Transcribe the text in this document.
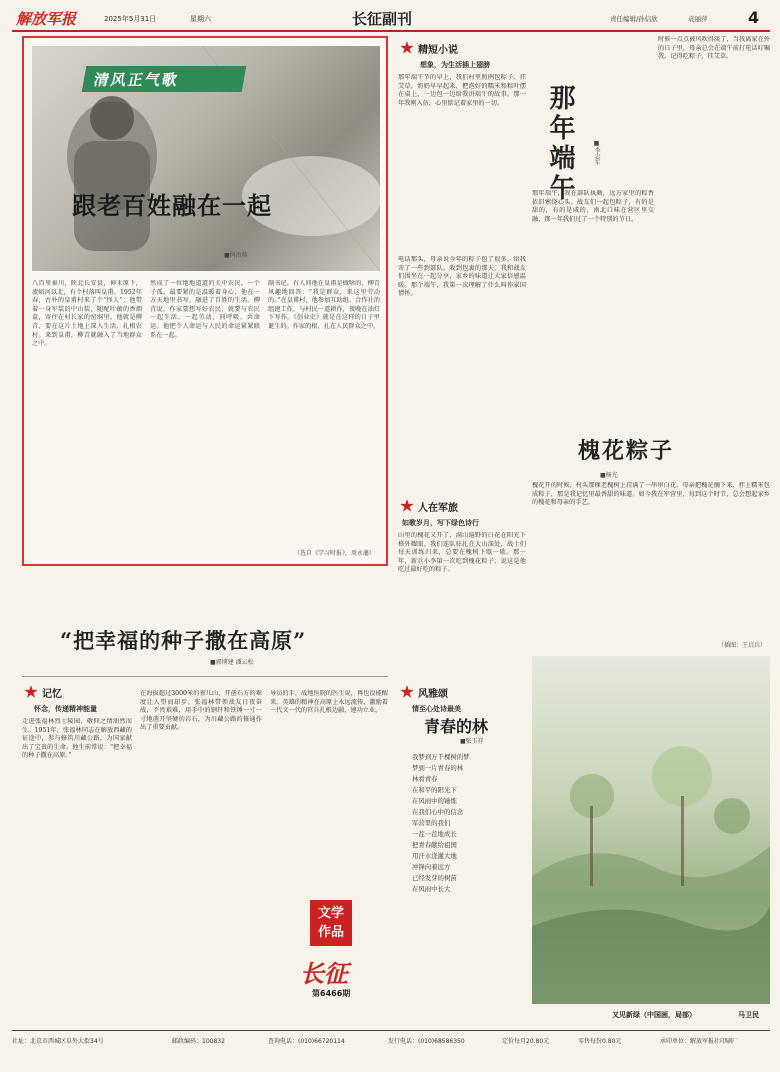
解放军报	2025年5月31日	星期六	长征副刊	责任编辑/孙信欣	袁丽萍	4
清风正气歌
跟老百姓融在一起
■何治帅
八百里秦川，陕北长安县，神禾原下，流峪河以北，有个村落叫皇甫。1952年春，古朴的皇甫村来了个“怪人”：他带着一身军装的中山装，随配叶蕴的香烟盒，寄住在村长家的窑洞里。他就是柳青，要在这片土地上深入生活、扎根农村。来到皇甫，柳青就融入了当地群众之中。
然成了一位地地道道的关中农民。一个子孤，最要紧的是温暖着身心，他在一方天地里书写，融进了百姓的生活。柳青说，作家要想写好农民，就要与农民一起生活、一起劳动，同呼吸、共命运。他把个人命运与人民的命运紧紧联系在一起。
副书记。有人问他在皇甫是做啥的，柳青风趣地回答：“我是群众，来这里劳动的。”在皇甫村，他参加互助组、合作社的组建工作，与村民一道耕作，夜晚在油灯下写作。《创业史》就是在这样的日子里诞生的。作家的根，扎在人民群众之中。
（选自《学习时报》，周永藩）
精短小说
想象，为生活插上翅膀
那年端午节的早上，我们村里照例包粽子、挂艾草。奶奶早早起来，把泡好的糯米和粽叶摆在桌上，一边包一边给我讲端午的故事。那一年我刚入伍，心里惦记着家里的一切。
电话那头，母亲说今年的粽子包了很多，给我寄了一些到部队。收到包裹的那天，我和战友们围坐在一起分享，家乡的味道让大家倍感温暖。那个端午，我第一次理解了什么叫作家国情怀。
那年端午	■李志军
那年端午，我在部队执勤，远方家里的粽香依旧萦绕心头。战友们一起包粽子，有的是甜的，有的是咸的，南北口味在营区里交融，那一年我们过了一个特别的节日。
时候一点点被风吹得淡了，当我离家在外的日子里，母亲总会在端午前打电话叮嘱我，记得吃粽子、挂艾草。
槐花粽子
■杨光
槐花开的时候，村头那棵老槐树上挂满了一串串白花。母亲把槐花摘下来，拌上糯米包成粽子，那是我记忆里最香甜的味道。如今我在军营里，每到这个时节，总会想起家乡的槐花和母亲的手艺。
（插图：王启兵）
人在军旅
如歌岁月，写下绿色诗行
山里的槐花又开了，满山遍野的白花在阳光下格外耀眼。我们连队驻扎在大山深处，战士们每天训练归来，总要在槐树下歇一歇。那一年，新兵小李第一次吃到槐花粽子，说这是他吃过最好吃的粽子。
“把幸福的种子撒在高原”
■郭博建 潘云松
记忆
怀念，传递精神能量
走进张福林烈士陵园，敬仰之情油然而生。1951年，张福林同志在解放西藏的征途中，参与修筑川藏公路，为国家献出了宝贵的生命。他生前常说：“把幸福的种子撒在高原。”
在海拔超过3000米的雀儿山，开凿石方的难度让人望而却步。张福林带领战友日夜奋战，不畏艰难，用手中的钢钎和铁锤一寸一寸地凿开坚硬的岩石，为川藏公路的修通作出了重要贡献。
导员的手，战地医院的医生说，再也没能醒来。英雄的精神在高原上永远流传，激励着一代又一代的官兵扎根边疆，建功立业。
风雅颂
情至心处诗最美
青春的林
■张玉祥
我梦到万千棵树的梦
梦到一片青春的林
林看青春
在和平的阳光下
在风雨中的锤炼
在我们心中的信念
军营里的我们
一茬一茬地成长
把青春献给祖国
用汗水浇灌大地
冲锋向着远方
已经发芽的树苗
在风雨中长大
文学
作品
长征
第6466期
又见新绿（中国画，局部）	马卫民
社址：北京市西城区阜外大街34号	邮政编码：100832	查询电话：(010)66720114	发行电话：(010)68586350	定价每月20.80元	零售每份0.80元	承印单位：解放军报社印刷厂
